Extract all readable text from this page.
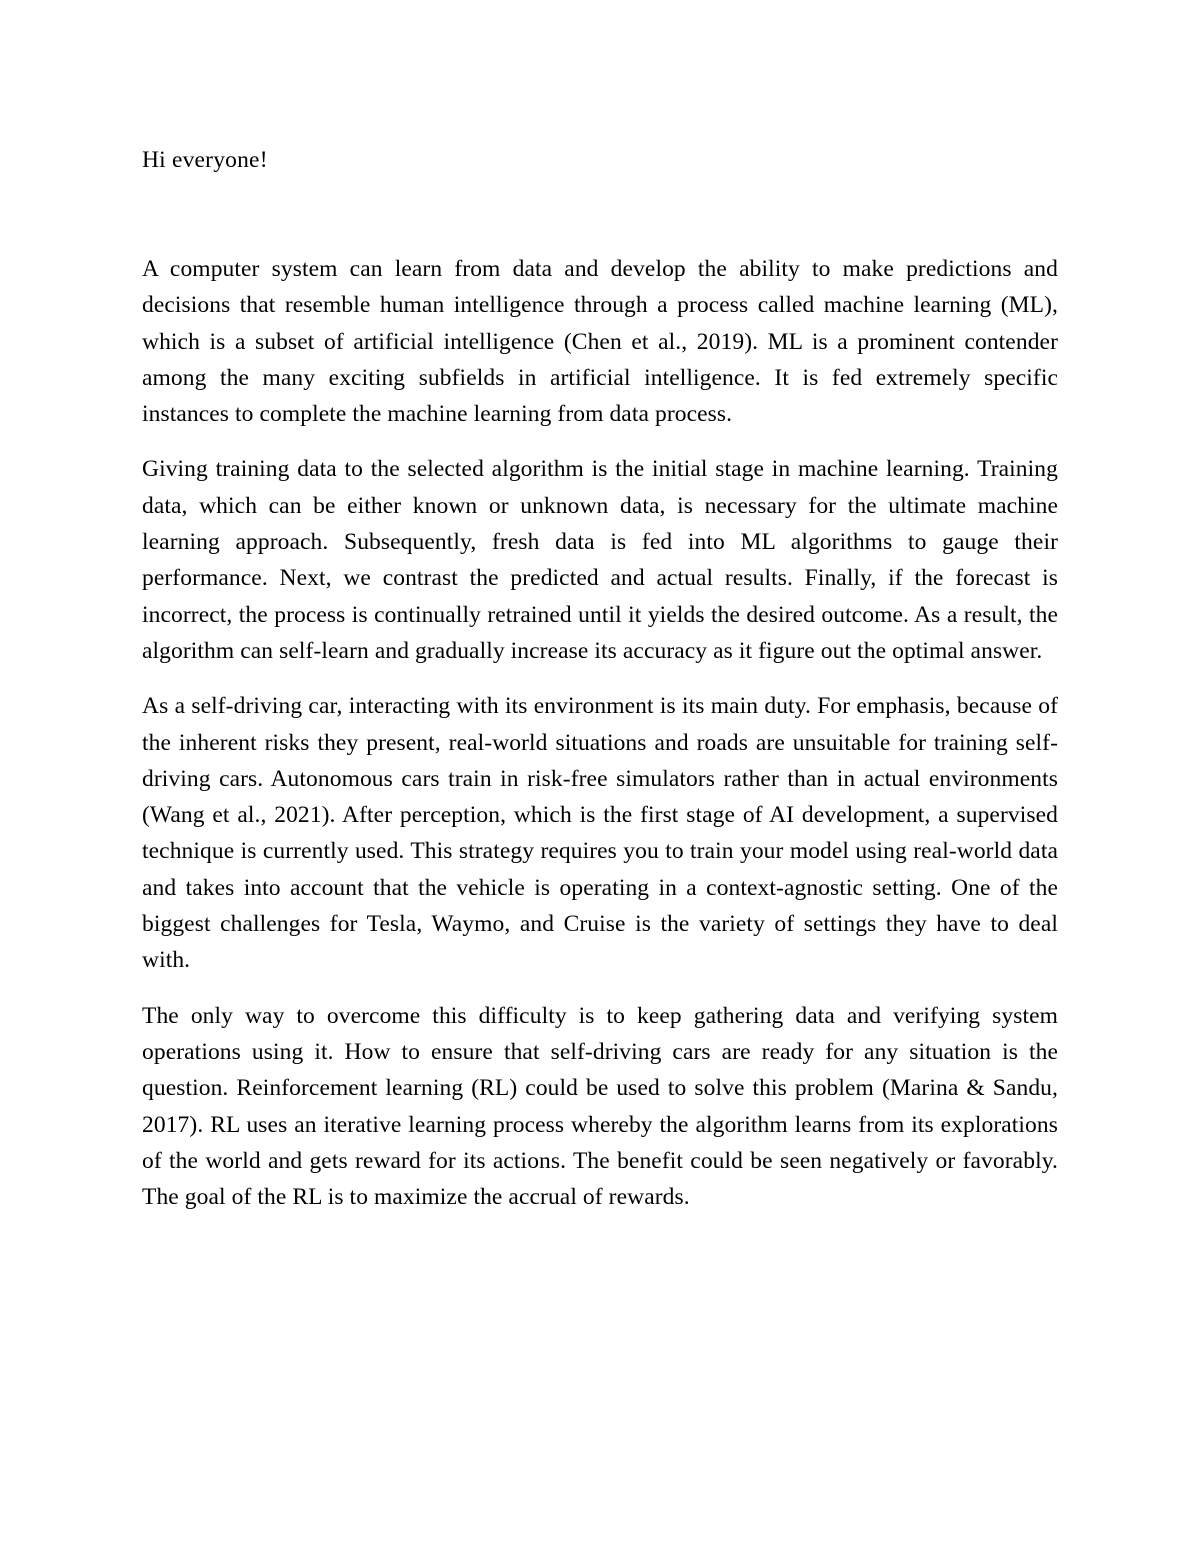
Hi everyone!

A computer system can learn from data and develop the ability to make predictions and decisions that resemble human intelligence through a process called machine learning (ML), which is a subset of artificial intelligence (Chen et al., 2019). ML is a prominent contender among the many exciting subfields in artificial intelligence. It is fed extremely specific instances to complete the machine learning from data process.

Giving training data to the selected algorithm is the initial stage in machine learning. Training data, which can be either known or unknown data, is necessary for the ultimate machine learning approach. Subsequently, fresh data is fed into ML algorithms to gauge their performance. Next, we contrast the predicted and actual results. Finally, if the forecast is incorrect, the process is continually retrained until it yields the desired outcome. As a result, the algorithm can self-learn and gradually increase its accuracy as it figure out the optimal answer.

As a self-driving car, interacting with its environment is its main duty. For emphasis, because of the inherent risks they present, real-world situations and roads are unsuitable for training self-driving cars. Autonomous cars train in risk-free simulators rather than in actual environments (Wang et al., 2021). After perception, which is the first stage of AI development, a supervised technique is currently used. This strategy requires you to train your model using real-world data and takes into account that the vehicle is operating in a context-agnostic setting. One of the biggest challenges for Tesla, Waymo, and Cruise is the variety of settings they have to deal with.

The only way to overcome this difficulty is to keep gathering data and verifying system operations using it. How to ensure that self-driving cars are ready for any situation is the question. Reinforcement learning (RL) could be used to solve this problem (Marina & Sandu, 2017). RL uses an iterative learning process whereby the algorithm learns from its explorations of the world and gets reward for its actions. The benefit could be seen negatively or favorably. The goal of the RL is to maximize the accrual of rewards.
